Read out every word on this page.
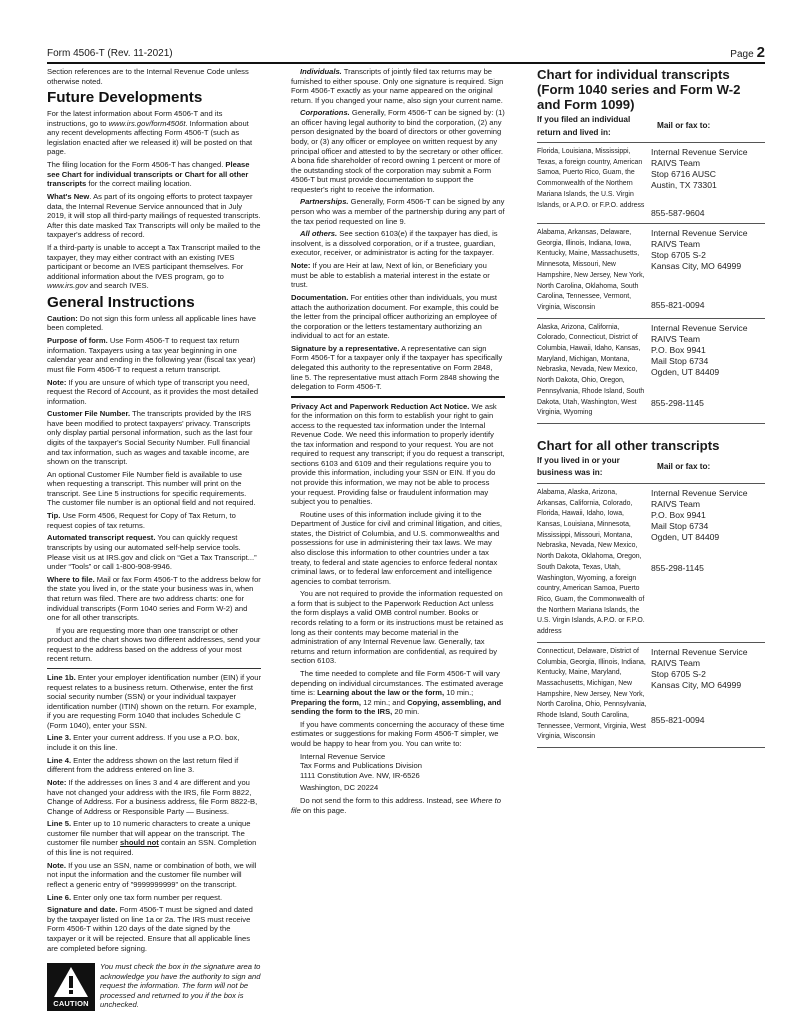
Form 4506-T (Rev. 11-2021)	Page 2

Section references are to the Internal Revenue Code unless otherwise noted.

Future Developments

For the latest information about Form 4506-T and its instructions, go to www.irs.gov/form4506t. Information about any recent developments affecting Form 4506-T (such as legislation enacted after we released it) will be posted on that page.

The filing location for the Form 4506-T has changed. Please see Chart for individual transcripts or Chart for all other transcripts for the correct mailing location.

What's New. As part of its ongoing efforts to protect taxpayer data, the Internal Revenue Service announced that in July 2019, it will stop all third-party mailings of requested transcripts. After this date masked Tax Transcripts will only be mailed to the taxpayer's address of record.

If a third-party is unable to accept a Tax Transcript mailed to the taxpayer, they may either contract with an existing IVES participant or become an IVES participant themselves. For additional information about the IVES program, go to www.irs.gov and search IVES.

General Instructions

Caution: Do not sign this form unless all applicable lines have been completed.

Purpose of form. Use Form 4506-T to request tax return information. Taxpayers using a tax year beginning in one calendar year and ending in the following year (fiscal tax year) must file Form 4506-T to request a return transcript.

Note: If you are unsure of which type of transcript you need, request the Record of Account, as it provides the most detailed information.

Customer File Number. The transcripts provided by the IRS have been modified to protect taxpayers' privacy. Transcripts only display partial personal information, such as the last four digits of the taxpayer's Social Security Number. Full financial and tax information, such as wages and taxable income, are shown on the transcript.

An optional Customer File Number field is available to use when requesting a transcript. This number will print on the transcript. See Line 5 instructions for specific requirements. The customer file number is an optional field and not required.

Tip. Use Form 4506, Request for Copy of Tax Return, to request copies of tax returns.

Automated transcript request. You can quickly request transcripts by using our automated self-help service tools. Please visit us at IRS.gov and click on “Get a Tax Transcript...” under “Tools” or call 1-800-908-9946.

Where to file. Mail or fax Form 4506-T to the address below for the state you lived in, or the state your business was in, when that return was filed. There are two address charts: one for individual transcripts (Form 1040 series and Form W-2) and one for all other transcripts.

If you are requesting more than one transcript or other product and the chart shows two different addresses, send your request to the address based on the address of your most recent return.

Line 1b. Enter your employer identification number (EIN) if your request relates to a business return. Otherwise, enter the first social security number (SSN) or your individual taxpayer identification number (ITIN) shown on the return. For example, if you are requesting Form 1040 that includes Schedule C (Form 1040), enter your SSN.

Line 3. Enter your current address. If you use a P.O. box, include it on this line.

Line 4. Enter the address shown on the last return filed if different from the address entered on line 3.

Note: If the addresses on lines 3 and 4 are different and you have not changed your address with the IRS, file Form 8822, Change of Address. For a business address, file Form 8822-B, Change of Address or Responsible Party — Business.

Line 5. Enter up to 10 numeric characters to create a unique customer file number that will appear on the transcript. The customer file number should not contain an SSN. Completion of this line is not required.

Note. If you use an SSN, name or combination of both, we will not input the information and the customer file number will reflect a generic entry of "9999999999" on the transcript.

Line 6. Enter only one tax form number per request.

Signature and date. Form 4506-T must be signed and dated by the taxpayer listed on line 1a or 2a. The IRS must receive Form 4506-T within 120 days of the date signed by the taxpayer or it will be rejected. Ensure that all applicable lines are completed before signing.

CAUTION
You must check the box in the signature area to acknowledge you have the authority to sign and request the information. The form will not be processed and returned to you if the box is unchecked.

Individuals. Transcripts of jointly filed tax returns may be furnished to either spouse. Only one signature is required. Sign Form 4506-T exactly as your name appeared on the original return. If you changed your name, also sign your current name.

Corporations. Generally, Form 4506-T can be signed by: (1) an officer having legal authority to bind the corporation, (2) any person designated by the board of directors or other governing body, or (3) any officer or employee on written request by any principal officer and attested to by the secretary or other officer. A bona fide shareholder of record owning 1 percent or more of the outstanding stock of the corporation may submit a Form 4506-T but must provide documentation to support the requester's right to receive the information.

Partnerships. Generally, Form 4506-T can be signed by any person who was a member of the partnership during any part of the tax period requested on line 9.

All others. See section 6103(e) if the taxpayer has died, is insolvent, is a dissolved corporation, or if a trustee, guardian, executor, receiver, or administrator is acting for the taxpayer.

Note: If you are Heir at law, Next of kin, or Beneficiary you must be able to establish a material interest in the estate or trust.

Documentation. For entities other than individuals, you must attach the authorization document. For example, this could be the letter from the principal officer authorizing an employee of the corporation or the letters testamentary authorizing an individual to act for an estate.

Signature by a representative. A representative can sign Form 4506-T for a taxpayer only if the taxpayer has specifically delegated this authority to the representative on Form 2848, line 5. The representative must attach Form 2848 showing the delegation to Form 4506-T.

Privacy Act and Paperwork Reduction Act Notice. We ask for the information on this form to establish your right to gain access to the requested tax information under the Internal Revenue Code. We need this information to properly identify the tax information and respond to your request. You are not required to request any transcript; if you do request a transcript, sections 6103 and 6109 and their regulations require you to provide this information, including your SSN or EIN. If you do not provide this information, we may not be able to process your request. Providing false or fraudulent information may subject you to penalties.

Routine uses of this information include giving it to the Department of Justice for civil and criminal litigation, and cities, states, the District of Columbia, and U.S. commonwealths and possessions for use in administering their tax laws. We may also disclose this information to other countries under a tax treaty, to federal and state agencies to enforce federal nontax criminal laws, or to federal law enforcement and intelligence agencies to combat terrorism.

You are not required to provide the information requested on a form that is subject to the Paperwork Reduction Act unless the form displays a valid OMB control number. Books or records relating to a form or its instructions must be retained as long as their contents may become material in the administration of any Internal Revenue law. Generally, tax returns and return information are confidential, as required by section 6103.

The time needed to complete and file Form 4506-T will vary depending on individual circumstances. The estimated average time is: Learning about the law or the form, 10 min.; Preparing the form, 12 min.; and Copying, assembling, and sending the form to the IRS, 20 min.

If you have comments concerning the accuracy of these time estimates or suggestions for making Form 4506-T simpler, we would be happy to hear from you. You can write to:

Internal Revenue Service
Tax Forms and Publications Division
1111 Constitution Ave. NW, IR-6526

Washington, DC 20224

Do not send the form to this address. Instead, see Where to file on this page.

Chart for individual transcripts (Form 1040 series and Form W-2 and Form 1099)
If you filed an individual return and lived in:
Mail or fax to:
Florida, Louisiana, Mississippi, Texas, a foreign country, American Samoa, Puerto Rico, Guam, the Commonwealth of the Northern Mariana Islands, the U.S. Virgin Islands, or A.P.O. or F.P.O. address
Internal Revenue Service
RAIVS Team
Stop 6716 AUSC
Austin, TX 73301
855-587-9604
Alabama, Arkansas, Delaware, Georgia, Illinois, Indiana, Iowa, Kentucky, Maine, Massachusetts, Minnesota, Missouri, New Hampshire, New Jersey, New York, North Carolina, Oklahoma, South Carolina, Tennessee, Vermont, Virginia, Wisconsin
Internal Revenue Service
RAIVS Team
Stop 6705 S-2
Kansas City, MO 64999
855-821-0094
Alaska, Arizona, California, Colorado, Connecticut, District of Columbia, Hawaii, Idaho, Kansas, Maryland, Michigan, Montana, Nebraska, Nevada, New Mexico, North Dakota, Ohio, Oregon, Pennsylvania, Rhode Island, South Dakota, Utah, Washington, West Virginia, Wyoming
Internal Revenue Service
RAIVS Team
P.O. Box 9941
Mail Stop 6734
Ogden, UT 84409
855-298-1145
Chart for all other transcripts
If you lived in or your business was in:
Mail or fax to:
Alabama, Alaska, Arizona, Arkansas, California, Colorado, Florida, Hawaii, Idaho, Iowa, Kansas, Louisiana, Minnesota, Mississippi, Missouri, Montana, Nebraska, Nevada, New Mexico, North Dakota, Oklahoma, Oregon, South Dakota, Texas, Utah, Washington, Wyoming, a foreign country, American Samoa, Puerto Rico, Guam, the Commonwealth of the Northern Mariana Islands, the U.S. Virgin Islands, A.P.O. or F.P.O. address
Internal Revenue Service
RAIVS Team
P.O. Box 9941
Mail Stop 6734
Ogden, UT 84409
855-298-1145
Connecticut, Delaware, District of Columbia, Georgia, Illinois, Indiana, Kentucky, Maine, Maryland, Massachusetts, Michigan, New Hampshire, New Jersey, New York, North Carolina, Ohio, Pennsylvania, Rhode Island, South Carolina, Tennessee, Vermont, Virginia, West Virginia, Wisconsin
Internal Revenue Service
RAIVS Team
Stop 6705 S-2
Kansas City, MO 64999
855-821-0094
